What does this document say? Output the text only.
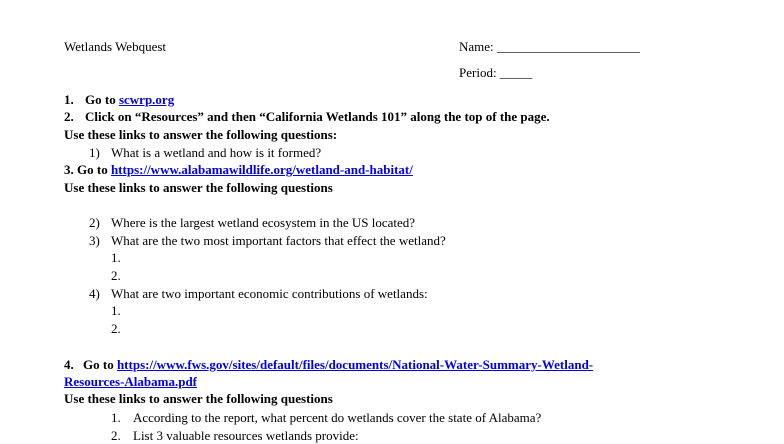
Wetlands Webquest	Name: ______________________
Period: _____
1. Go to scwrp.org
2. Click on “Resources” and then “California Wetlands 101” along the top of the page.
Use these links to answer the following questions:
1) What is a wetland and how is it formed?
3. Go to https://www.alabamawildlife.org/wetland-and-habitat/
Use these links to answer the following questions
2) Where is the largest wetland ecosystem in the US located?
3) What are the two most important factors that effect the wetland?
1.
2.
4) What are two important economic contributions of wetlands:
1.
2.
4. Go to https://www.fws.gov/sites/default/files/documents/National-Water-Summary-Wetland-
Resources-Alabama.pdf
Use these links to answer the following questions
1. According to the report, what percent do wetlands cover the state of Alabama?
2. List 3 valuable resources wetlands provide:
